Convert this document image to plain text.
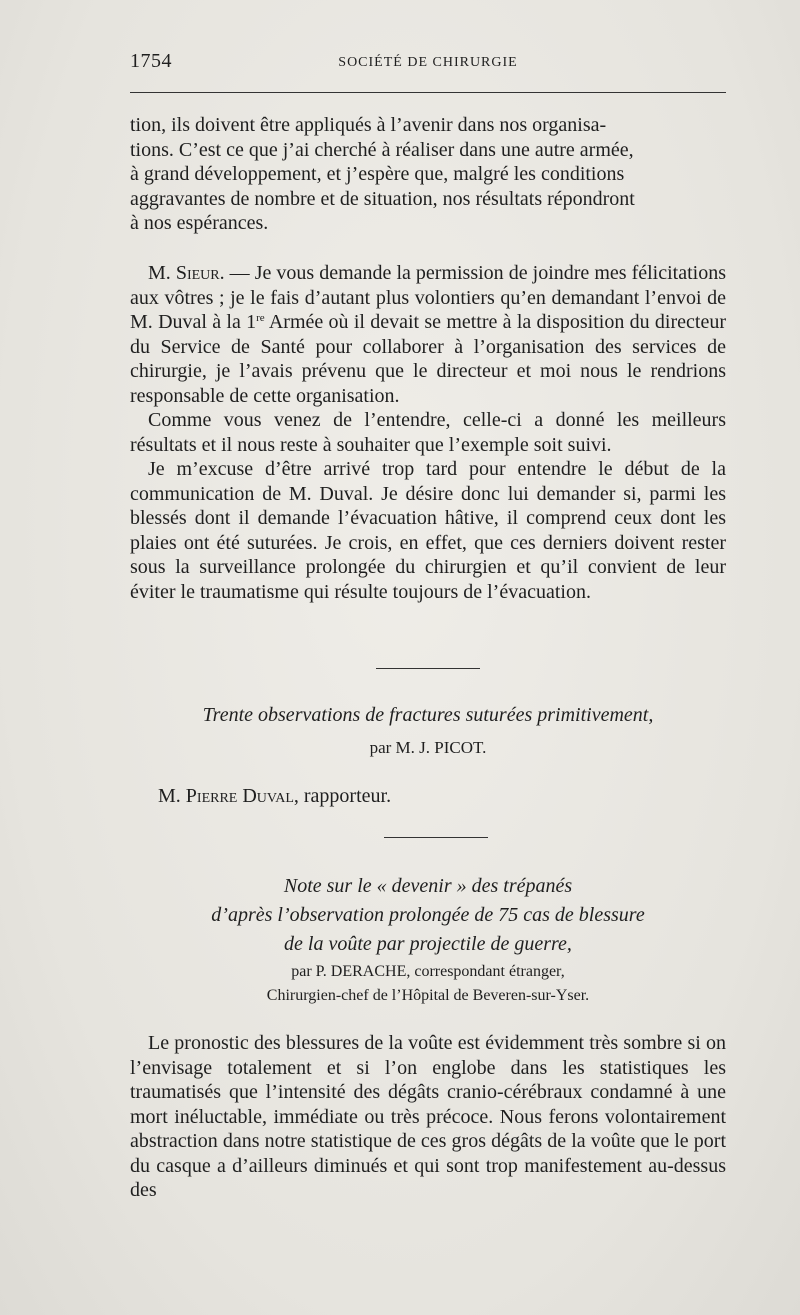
1754	SOCIÉTÉ DE CHIRURGIE

tion, ils doivent être appliqués à l’avenir dans nos organisa-

tions. C’est ce que j’ai cherché à réaliser dans une autre armée,

à grand développement, et j’espère que, malgré les conditions

aggravantes de nombre et de situation, nos résultats répondront

à nos espérances.

M. Sieur. — Je vous demande la permission de joindre mes félicitations aux vôtres ; je le fais d’autant plus volontiers qu’en demandant l’envoi de M. Duval à la 1re Armée où il devait se mettre à la disposition du directeur du Service de Santé pour collaborer à l’organisation des services de chirurgie, je l’avais prévenu que le directeur et moi nous le rendrions responsable de cette organisation.

Comme vous venez de l’entendre, celle-ci a donné les meilleurs résultats et il nous reste à souhaiter que l’exemple soit suivi.

Je m’excuse d’être arrivé trop tard pour entendre le début de la communication de M. Duval. Je désire donc lui demander si, parmi les blessés dont il demande l’évacuation hâtive, il comprend ceux dont les plaies ont été suturées. Je crois, en effet, que ces derniers doivent rester sous la surveillance prolongée du chirurgien et qu’il convient de leur éviter le traumatisme qui résulte toujours de l’évacuation.

Trente observations de fractures suturées primitivement,
par M. J. PICOT.
M. Pierre Duval, rapporteur.
Note sur le « devenir » des trépanés
d’après l’observation prolongée de 75 cas de blessure
de la voûte par projectile de guerre,
par P. DERACHE, correspondant étranger,
Chirurgien-chef de l’Hôpital de Beveren-sur-Yser.

Le pronostic des blessures de la voûte est évidemment très sombre si on l’envisage totalement et si l’on englobe dans les statistiques les traumatisés que l’intensité des dégâts cranio-cérébraux condamné à une mort inéluctable, immédiate ou très précoce. Nous ferons volontairement abstraction dans notre statistique de ces gros dégâts de la voûte que le port du casque a d’ailleurs diminués et qui sont trop manifestement au-dessus des
